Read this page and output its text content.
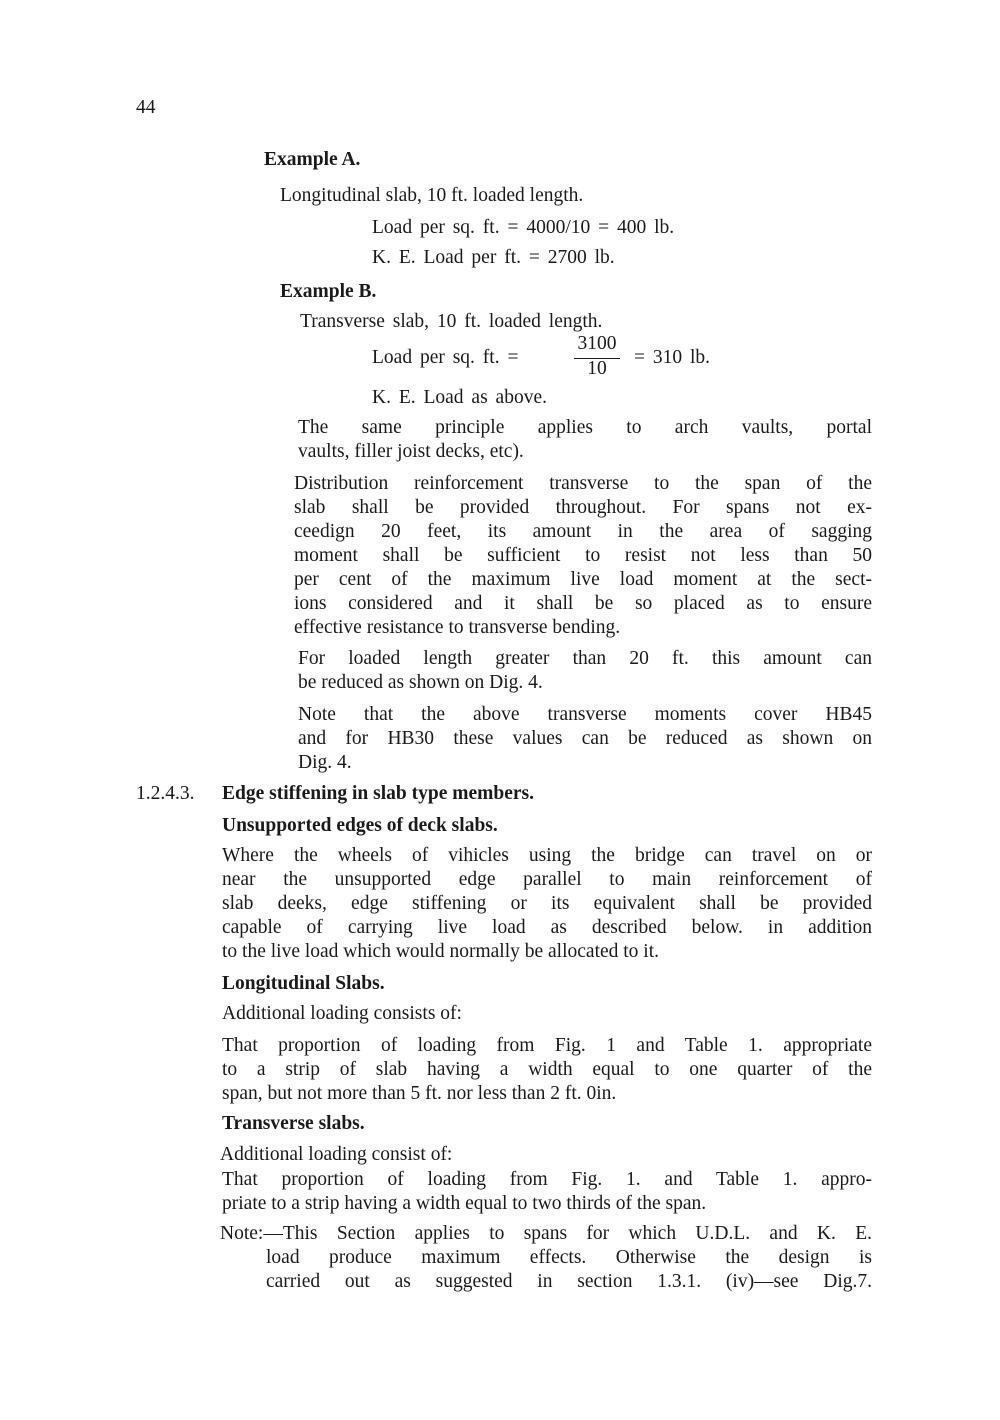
44
Example A.
Longitudinal slab, 10 ft. loaded length.
Load per sq. ft. = 4000/10 = 400 lb.
K. E. Load per ft. = 2700 lb.
Example B.
Transverse slab, 10 ft. loaded length.
Load per sq. ft. =
3100
10
= 310 lb.
K. E. Load as above.
The same principle applies to arch vaults, portal
vaults, filler joist decks, etc).
Distribution reinforcement transverse to the span of the
slab shall be provided throughout. For spans not ex-
ceedign 20 feet, its amount in the area of sagging
moment shall be sufficient to resist not less than 50
per cent of the maximum live load moment at the sect-
ions considered and it shall be so placed as to ensure
effective resistance to transverse bending.
For loaded length greater than 20 ft. this amount can
be reduced as shown on Dig. 4.
Note that the above transverse moments cover HB45
and for HB30 these values can be reduced as shown on
Dig. 4.
1.2.4.3. Edge stiffening in slab type members.
Unsupported edges of deck slabs.
Where the wheels of vihicles using the bridge can travel on or
near the unsupported edge parallel to main reinforcement of
slab deeks, edge stiffening or its equivalent shall be provided
capable of carrying live load as described below. in addition
to the live load which would normally be allocated to it.
Longitudinal Slabs.
Additional loading consists of:
That proportion of loading from Fig. 1 and Table 1. appropriate
to a strip of slab having a width equal to one quarter of the
span, but not more than 5 ft. nor less than 2 ft. 0in.
Transverse slabs.
Additional loading consist of:
That proportion of loading from Fig. 1. and Table 1. appro-
priate to a strip having a width equal to two thirds of the span.
Note:—This Section applies to spans for which U.D.L. and K. E.
load produce maximum effects. Otherwise the design is
carried out as suggested in section 1.3.1. (iv)—see Dig.7.
